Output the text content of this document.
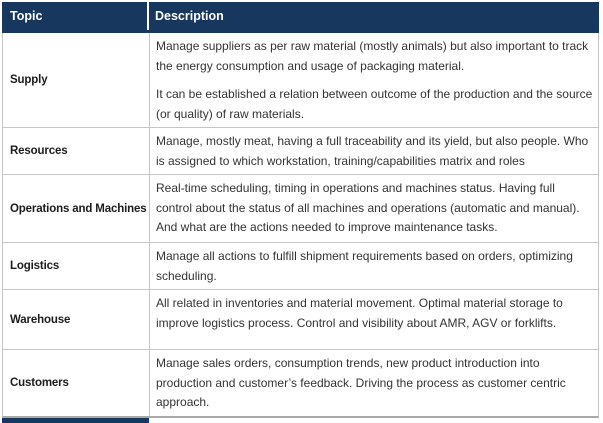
Topic	Description
Supply

Manage suppliers as per raw material (mostly animals) but also important to track the energy consumption and usage of packaging material.

It can be established a relation between outcome of the production and the source (or quality) of raw materials.

Resources

Manage, mostly meat, having a full traceability and its yield, but also people. Who is assigned to which workstation, training/capabilities matrix and roles

Operations and Machines

Real-time scheduling, timing in operations and machines status. Having full control about the status of all machines and operations (automatic and manual). And what are the actions needed to improve maintenance tasks.

Logistics

Manage all actions to fulfill shipment requirements based on orders, optimizing scheduling.

Warehouse

All related in inventories and material movement. Optimal material storage to improve logistics process. Control and visibility about AMR, AGV or forklifts.

Customers

Manage sales orders, consumption trends, new product introduction into production and customer’s feedback. Driving the process as customer centric approach.
